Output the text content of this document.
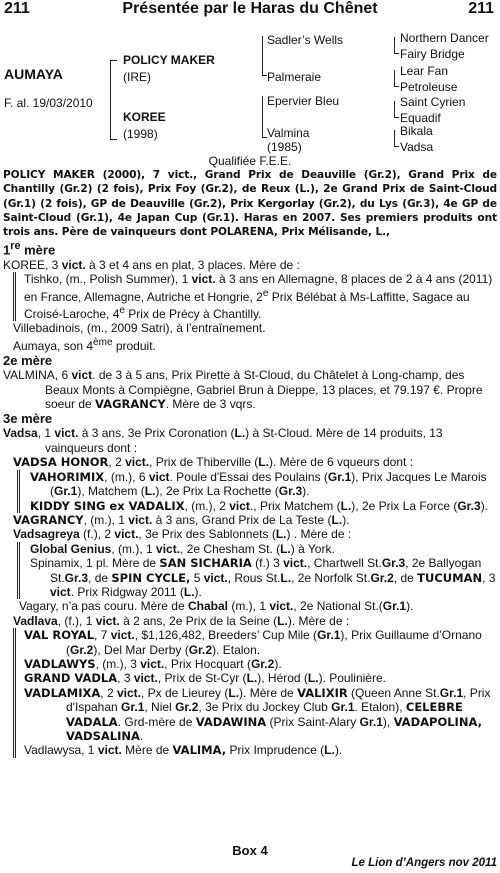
211	Présentée par le Haras du Chênet	211
AUMAYA
F. al. 19/03/2010
POLICY MAKER
(IRE)
KOREE
(1998)
Sadler’s Wells
Palmeraie
Epervier Bleu
Valmina
(1985)
Northern Dancer
Fairy Bridge
Lear Fan
Petroleuse
Saint Cyrien
Equadif
Bikala
Vadsa
Qualifiée F.E.E.

POLICY MAKER (2000), 7 vict., Grand Prix de Deauville (Gr.2), Grand Prix de Chantilly (Gr.2) (2 fois), Prix Foy (Gr.2), de Reux (L.), 2e Grand Prix de Saint-Cloud (Gr.1) (2 fois), GP de Deauville (Gr.2), Prix Kergorlay (Gr.2), du Lys (Gr.3), 4e GP de Saint-Cloud (Gr.1), 4e Japan Cup (Gr.1). Haras en 2007. Ses premiers produits ont trois ans. Père de vainqueurs dont POLARENA, Prix Mélisande, L.,

1re mère

KOREE, 3 vict. à 3 et 4 ans en plat, 3 places. Mère de :

Tishko, (m., Polish Summer), 1 vict. à 3 ans en Allemagne, 8 places de 2 à 4 ans (2011) en France, Allemagne, Autriche et Hongrie, 2e Prix Bélébat à Ms-Laffitte, Sagace au Croisé-Laroche, 4e Prix de Précy à Chantilly.

Villebadinois, (m., 2009 Satri), à l’entraînement.

Aumaya, son 4ème produit.

2e mère

VALMINA, 6 vict. de 3 à 5 ans, Prix Pirette à St-Cloud, du Châtelet à Long-champ, des Beaux Monts à Compiègne, Gabriel Brun à Dieppe, 13 places, et 79.197 €. Propre soeur de VAGRANCY. Mère de 3 vqrs.

3e mère

Vadsa, 1 vict. à 3 ans, 3e Prix Coronation (L.) à St-Cloud. Mère de 14 produits, 13 vainqueurs dont :

VADSA HONOR, 2 vict., Prix de Thiberville (L.). Mère de 6 vqueurs dont :

VAHORIMIX, (m.), 6 vict. Poule d'Essai des Poulains (Gr.1), Prix Jacques Le Marois (Gr.1), Matchem (L.), 2e Prix La Rochette (Gr.3).

KIDDY SING ex VADALIX, (m.), 2 vict., Prix Matchem (L.), 2e Prix La Force (Gr.3).

VAGRANCY, (m.), 1 vict. à 3 ans, Grand Prix de La Teste (L.).

Vadsagreya (f.), 2 vict., 3e Prix des Sablonnets (L.) . Mère de :

Global Genius, (m.), 1 vict., 2e Chesham St. (L.) à York.

Spinamix, 1 pl. Mère de SAN SICHARIA (f.) 3 vict., Chartwell St.Gr.3, 2e Ballyogan St.Gr.3, de SPIN CYCLE, 5 vict., Rous St.L., 2e Norfolk St.Gr.2, de TUCUMAN, 3 vict. Prix Ridgway 2011 (L.).

Vagary, n’a pas couru. Mère de Chabal (m.), 1 vict., 2e National St.(Gr.1).

Vadlava, (f.), 1 vict. à 2 ans, 2e Prix de la Seine (L.). Mère de :

VAL ROYAL, 7 vict., $1,126,482, Breeders’ Cup Mile (Gr.1), Prix Guillaume d’Ornano (Gr.2), Del Mar Derby (Gr.2). Etalon.

VADLAWYS, (m.), 3 vict., Prix Hocquart (Gr.2).

GRAND VADLA, 3 vict., Prix de St-Cyr (L.), Hérod (L.). Poulinière.

VADLAMIXA, 2 vict., Px de Lieurey (L.). Mère de VALIXIR (Queen Anne St.Gr.1, Prix d'Ispahan Gr.1, Niel Gr.2, 3e Prix du Jockey Club Gr.1. Etalon), CELEBRE VADALA. Grd-mère de VADAWINA (Prix Saint-Alary Gr.1), VADAPOLINA, VADSALINA.

Vadlawysa, 1 vict. Mère de VALIMA, Prix Imprudence (L.).

Box 4
Le Lion d’Angers nov 2011
